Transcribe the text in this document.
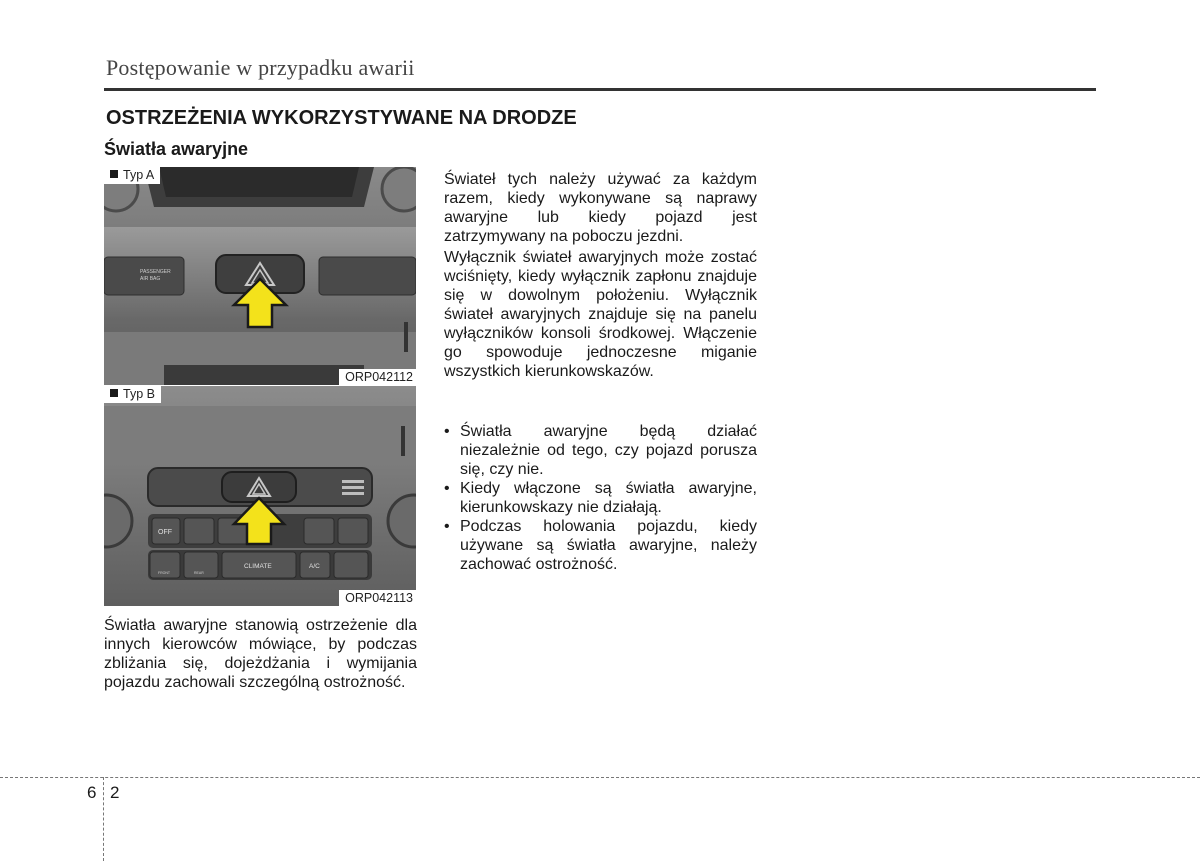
Postępowanie w przypadku awarii
OSTRZEŻENIA WYKORZYSTYWANE NA DRODZE
Światła awaryjne
PASSENGER
AIR BAG
Typ A
ORP042112
OFF
FRONT	REAR
CLIMATE	A/C
Typ B
ORP042113
Światła awaryjne stanowią ostrzeżenie dla innych kierowców mówiące, by podczas zbliżania się, dojeżdżania i wymijania pojazdu zachowali szczególną ostrożność.
Świateł tych należy używać za każdym razem, kiedy wykonywane są naprawy awaryjne lub kiedy pojazd jest zatrzymywany na poboczu jezdni.
Wyłącznik świateł awaryjnych może zostać wciśnięty, kiedy wyłącznik zapłonu znajduje się w dowolnym położeniu. Wyłącznik świateł awaryjnych znajduje się na panelu wyłączników konsoli środkowej. Włączenie go spowoduje jednoczesne miganie wszystkich kierunkowskazów.
• Światła awaryjne będą działać niezależnie od tego, czy pojazd porusza się, czy nie.
• Kiedy włączone są światła awaryjne, kierunkowskazy nie działają.
• Podczas holowania pojazdu, kiedy używane są światła awaryjne, należy zachować ostrożność.
6 2
